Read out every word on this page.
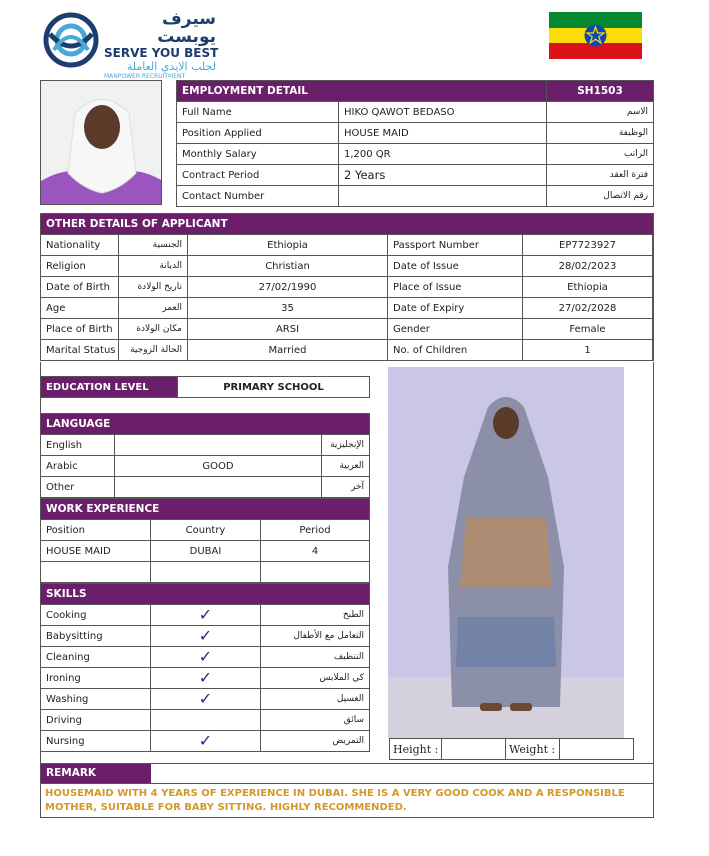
سيرف يوبست
SERVE YOU BEST
لجلب الايدي العاملة
MANPOWER RECRUITMENT
EMPLOYMENT DETAIL		SH1503
Full Name	HIKO QAWOT BEDASO	الاسم
Position Applied	HOUSE MAID	الوظيفة
Monthly Salary	1,200 QR	الراتب
Contract Period	2 Years	فترة العقد
Contact Number		رقم الاتصال
OTHER DETAILS OF APPLICANT					
Nationality	الجنسية	Ethiopia	Passport Number	EP7723927	
Religion	الديانة	Christian	Date of Issue	28/02/2023	
Date of Birth	تاريخ الولادة	27/02/1990	Place of Issue	Ethiopia	
Age	العمر	35	Date of Expiry	27/02/2028	
Place of Birth	مكان الولادة	ARSI	Gender	Female	
Marital Status	الحالة الزوجية	Married	No. of Children	1	
EDUCATION LEVEL	PRIMARY SCHOOL
LANGUAGE		
English		الإنجليزية
Arabic	GOOD	العربية
Other		آخر
WORK EXPERIENCE		
Position	Country	Period
HOUSE MAID	DUBAI	4

SKILLS		
Cooking	✓	الطبخ
Babysitting	✓	التعامل مع الأطفال
Cleaning	✓	التنظيف
Ironing	✓	كي الملابس
Washing	✓	الغسيل
Driving		سائق
Nursing	✓	التمريض
Height :		Weight :	
REMARK
HOUSEMAID WITH 4 YEARS OF EXPERIENCE IN DUBAI. SHE IS A VERY GOOD COOK AND A RESPONSIBLE MOTHER, SUITABLE FOR BABY SITTING. HIGHLY RECOMMENDED.
